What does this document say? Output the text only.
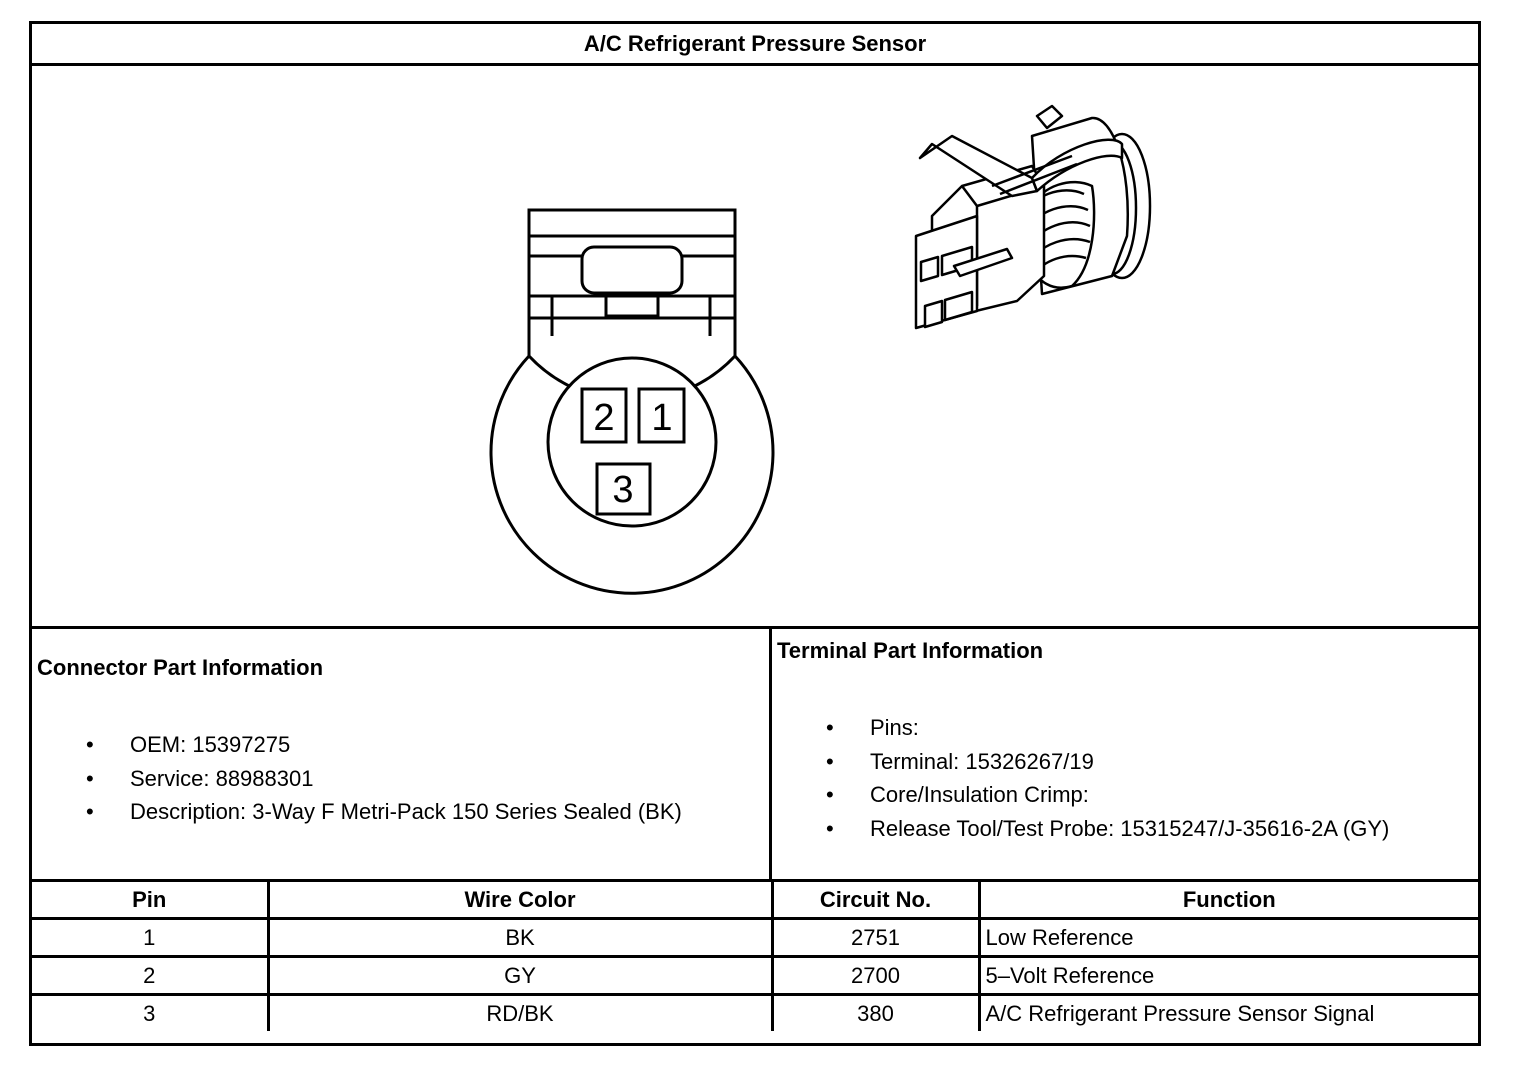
A/C Refrigerant Pressure Sensor
2 1
3
Connector Part Information
•	OEM: 15397275
•	Service: 88988301
•	Description: 3-Way F Metri-Pack 150 Series Sealed (BK)
Terminal Part Information
•	Pins:
•	Terminal: 15326267/19
•	Core/Insulation Crimp:
•	Release Tool/Test Probe: 15315247/J-35616-2A (GY)
Pin	Wire Color	Circuit No.	Function
1	BK	2751	Low Reference
2	GY	2700	5–Volt Reference
3	RD/BK	380	A/C Refrigerant Pressure Sensor Signal
